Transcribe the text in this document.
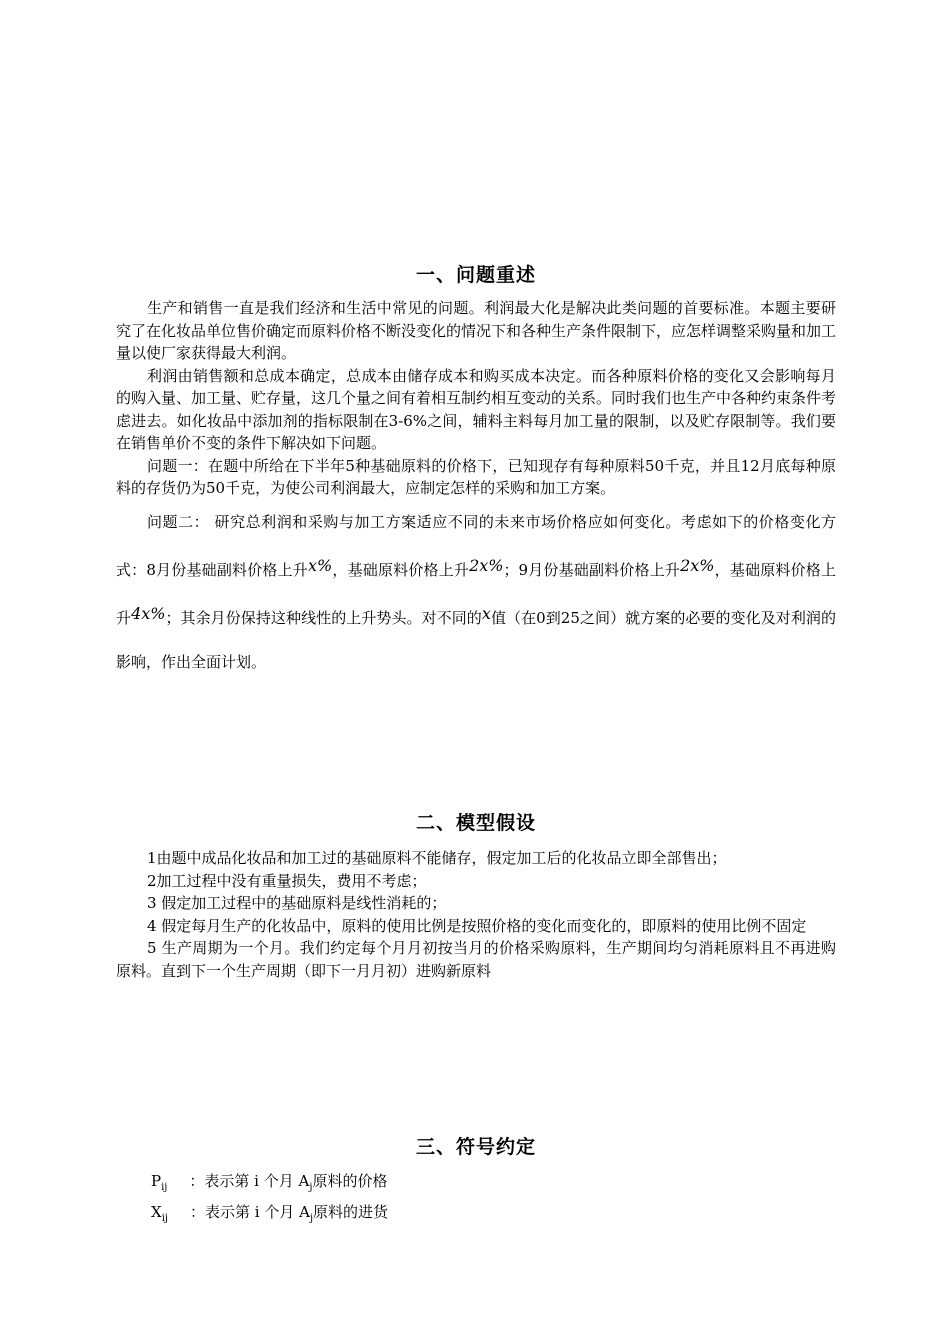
一、问题重述

生产和销售一直是我们经济和生活中常见的问题。利润最大化是解决此类问题的首要标准。本题主要研究了在化妆品单位售价确定而原料价格不断没变化的情况下和各种生产条件限制下，应怎样调整采购量和加工量以使厂家获得最大利润。

利润由销售额和总成本确定，总成本由储存成本和购买成本决定。而各种原料价格的变化又会影响每月的购入量、加工量、贮存量，这几个量之间有着相互制约相互变动的关系。同时我们也生产中各种约束条件考虑进去。如化妆品中添加剂的指标限制在3-6%之间，辅料主料每月加工量的限制，以及贮存限制等。我们要在销售单价不变的条件下解决如下问题。

问题一：在题中所给在下半年5种基础原料的价格下，已知现存有每种原料50千克，并且12月底每种原料的存货仍为50千克，为使公司利润最大，应制定怎样的采购和加工方案。

问题二： 研究总利润和采购与加工方案适应不同的未来市场价格应如何变化。考虑如下的价格变化方式：8月份基础副料价格上升x%，基础原料价格上升2x%；9月份基础副料价格上升2x%，基础原料价格上升4x%；其余月份保持这种线性的上升势头。对不同的x值（在0到25之间）就方案的必要的变化及对利润的影响，作出全面计划。

二、模型假设

1由题中成品化妆品和加工过的基础原料不能储存，假定加工后的化妆品立即全部售出；

2加工过程中没有重量损失，费用不考虑；

3 假定加工过程中的基础原料是线性消耗的；

4 假定每月生产的化妆品中，原料的使用比例是按照价格的变化而变化的，即原料的使用比例不固定

5 生产周期为一个月。我们约定每个月月初按当月的价格采购原料，生产期间均匀消耗原料且不再进购原料。直到下一个生产周期（即下一月月初）进购新原料

三、符号约定
$P_{ij}$ ：表示第 i 个月 $A_j$原料的价格
$X_{ij}$ ：表示第 i 个月 $A_j$原料的进货
